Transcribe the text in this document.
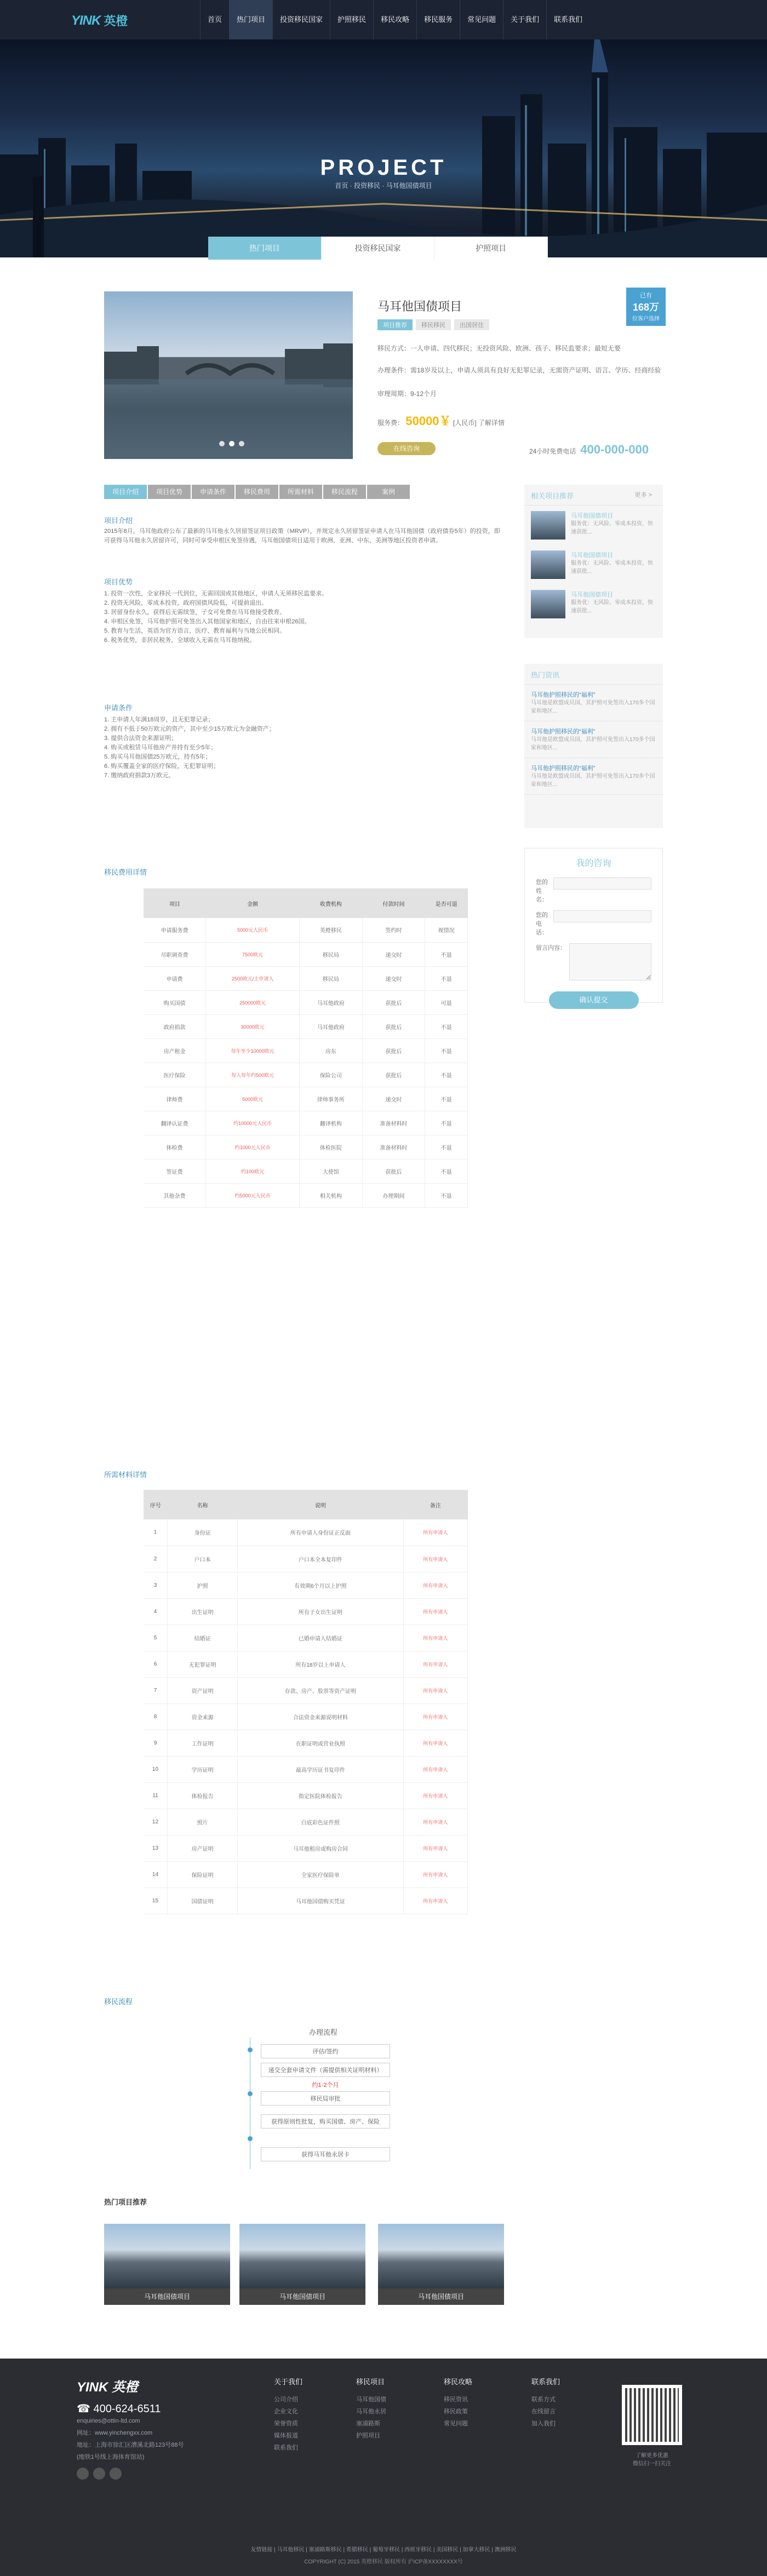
YINK 英橙	首页	热门项目	投资移民国家	护照移民	移民攻略	移民服务	常见问题	关于我们	联系我们
PROJECT
首页 · 投资移民 · 马耳他国债项目
热门项目	投资移民国家	护照项目
马耳他国债项目
项目推荐	移民移民	出国居住
移民方式：一人申请、四代移民；无投资风险、欧洲、孩子、移民监要求；最短无要
办理条件：需18岁及以上，申请人须具有良好无犯罪记录，无需资产证明、语言、学历、经商经验
审理周期：9-12个月
服务费： 50000￥ [人民币] 了解详情
在线咨询	24小时免费电话 400-000-000
已有
168万
位客户选择
项目介绍	项目优势	申请条件	移民费用	所需材料	移民流程	案例
项目介绍
2015年8月，马耳他政府公布了最新的马耳他永久居留签证项目政策（MRVP），并规定永久居留签证申请人在马耳他国债（政府债券5年）的投资，即可获得马耳他永久居留许可，同时可享受申根区免签待遇，马耳他国债项目适用于欧洲、亚洲、中东、美洲等地区投资者申请。
项目优势
1. 投资一次性，全家移民一代到位，无需回国或其他地区，申请人无须移民监要求。
2. 投资无风险，零成本投资，政府国债风险低，可提前退出。
3. 居留身份永久，获得后无需续签，子女可免费在马耳他接受教育。
4. 申根区免签，马耳他护照可免签出入其他国家和地区，自由往来申根26国。
5. 教育与生活，英语为官方语言，医疗、教育福利与当地公民相同。
6. 税务优势，非居民税务，全球收入无需在马耳他纳税。
申请条件
1. 主申请人年满18周岁，且无犯罪记录；
2. 拥有不低于50万欧元的资产，其中至少15万欧元为金融资产；
3. 提供合法资金来源证明；
4. 购买或租赁马耳他房产并持有至少5年；
5. 购买马耳他国债25万欧元，持有5年；
6. 购买覆盖全家的医疗保险，无犯罪证明；
7. 缴纳政府捐款3万欧元。
移民费用详情
项目	金额	收费机构	付款时间	是否可退
申请服务费	5000元人民币	英橙移民	签约时	视情况
尽职调查费	7500欧元	移民局	递交时	不退
申请费	2500欧元/主申请人	移民局	递交时	不退
购买国债	250000欧元	马耳他政府	获批后	可退
政府捐款	30000欧元	马耳他政府	获批后	不退
房产租金	每年至少10000欧元	房东	获批后	不退
医疗保险	每人每年约500欧元	保险公司	获批后	不退
律师费	5000欧元	律师事务所	递交时	不退
翻译认证费	约10000元人民币	翻译机构	准备材料时	不退
体检费	约1000元人民币	体检医院	准备材料时	不退
签证费	约100欧元	大使馆	获批后	不退
其他杂费	约5000元人民币	相关机构	办理期间	不退
所需材料详情
序号	名称	说明	备注
1	身份证	所有申请人身份证正反面	所有申请人
2	户口本	户口本全本复印件	所有申请人
3	护照	有效期6个月以上护照	所有申请人
4	出生证明	所有子女出生证明	所有申请人
5	结婚证	已婚申请人结婚证	所有申请人
6	无犯罪证明	所有18岁以上申请人	所有申请人
7	资产证明	存款、房产、股票等资产证明	所有申请人
8	资金来源	合法资金来源说明材料	所有申请人
9	工作证明	在职证明或营业执照	所有申请人
10	学历证明	最高学历证书复印件	所有申请人
11	体检报告	指定医院体检报告	所有申请人
12	照片	白底彩色证件照	所有申请人
13	房产证明	马耳他租房或购房合同	所有申请人
14	保险证明	全家医疗保险单	所有申请人
15	国债证明	马耳他国债购买凭证	所有申请人
移民流程
办理流程
评估/签约
递交全套申请文件（需提供相关证明材料）
约1-2个月
移民局审批
获得原则性批复，购买国债、房产、保险
获得马耳他永居卡
热门项目推荐
马耳他国债项目	马耳他国债项目	马耳他国债项目
相关项目推荐	更多 >
马耳他国债项目
服务优：无风险、零成本投资，快速获批...
马耳他国债项目
服务优：无风险、零成本投资，快速获批...
马耳他国债项目
服务优：无风险、零成本投资，快速获批...
热门资讯
马耳他护照移民的“福利”
马耳他是欧盟成员国，其护照可免签出入170多个国家和地区...
马耳他护照移民的“福利”
马耳他是欧盟成员国，其护照可免签出入170多个国家和地区...
马耳他护照移民的“福利”
马耳他是欧盟成员国，其护照可免签出入170多个国家和地区...
我的咨询
您的姓名：
您的电话：
留言内容：
确认提交
YINK 英橙
☎ 400-624-6511
enquiries@ottin-ltd.com
网址：www.yinchengxx.com
地址：上海市徐汇区漕溪北路123号88号
(地铁1号线上海体育馆站)
关于我们
公司介绍
企业文化
荣誉资质
媒体报道
联系我们
移民项目
马耳他国债
马耳他永居
塞浦路斯
护照项目
移民攻略
移民资讯
移民政策
常见问题
联系我们
联系方式
在线留言
加入我们
了解更多优惠
微信扫一扫关注
友情链接 | 马耳他移民 | 塞浦路斯移民 | 希腊移民 | 葡萄牙移民 | 西班牙移民 | 美国移民 | 加拿大移民 | 澳洲移民
COPYRIGHT (C) 2015 英橙移民 版权所有 沪ICP备XXXXXXXX号
